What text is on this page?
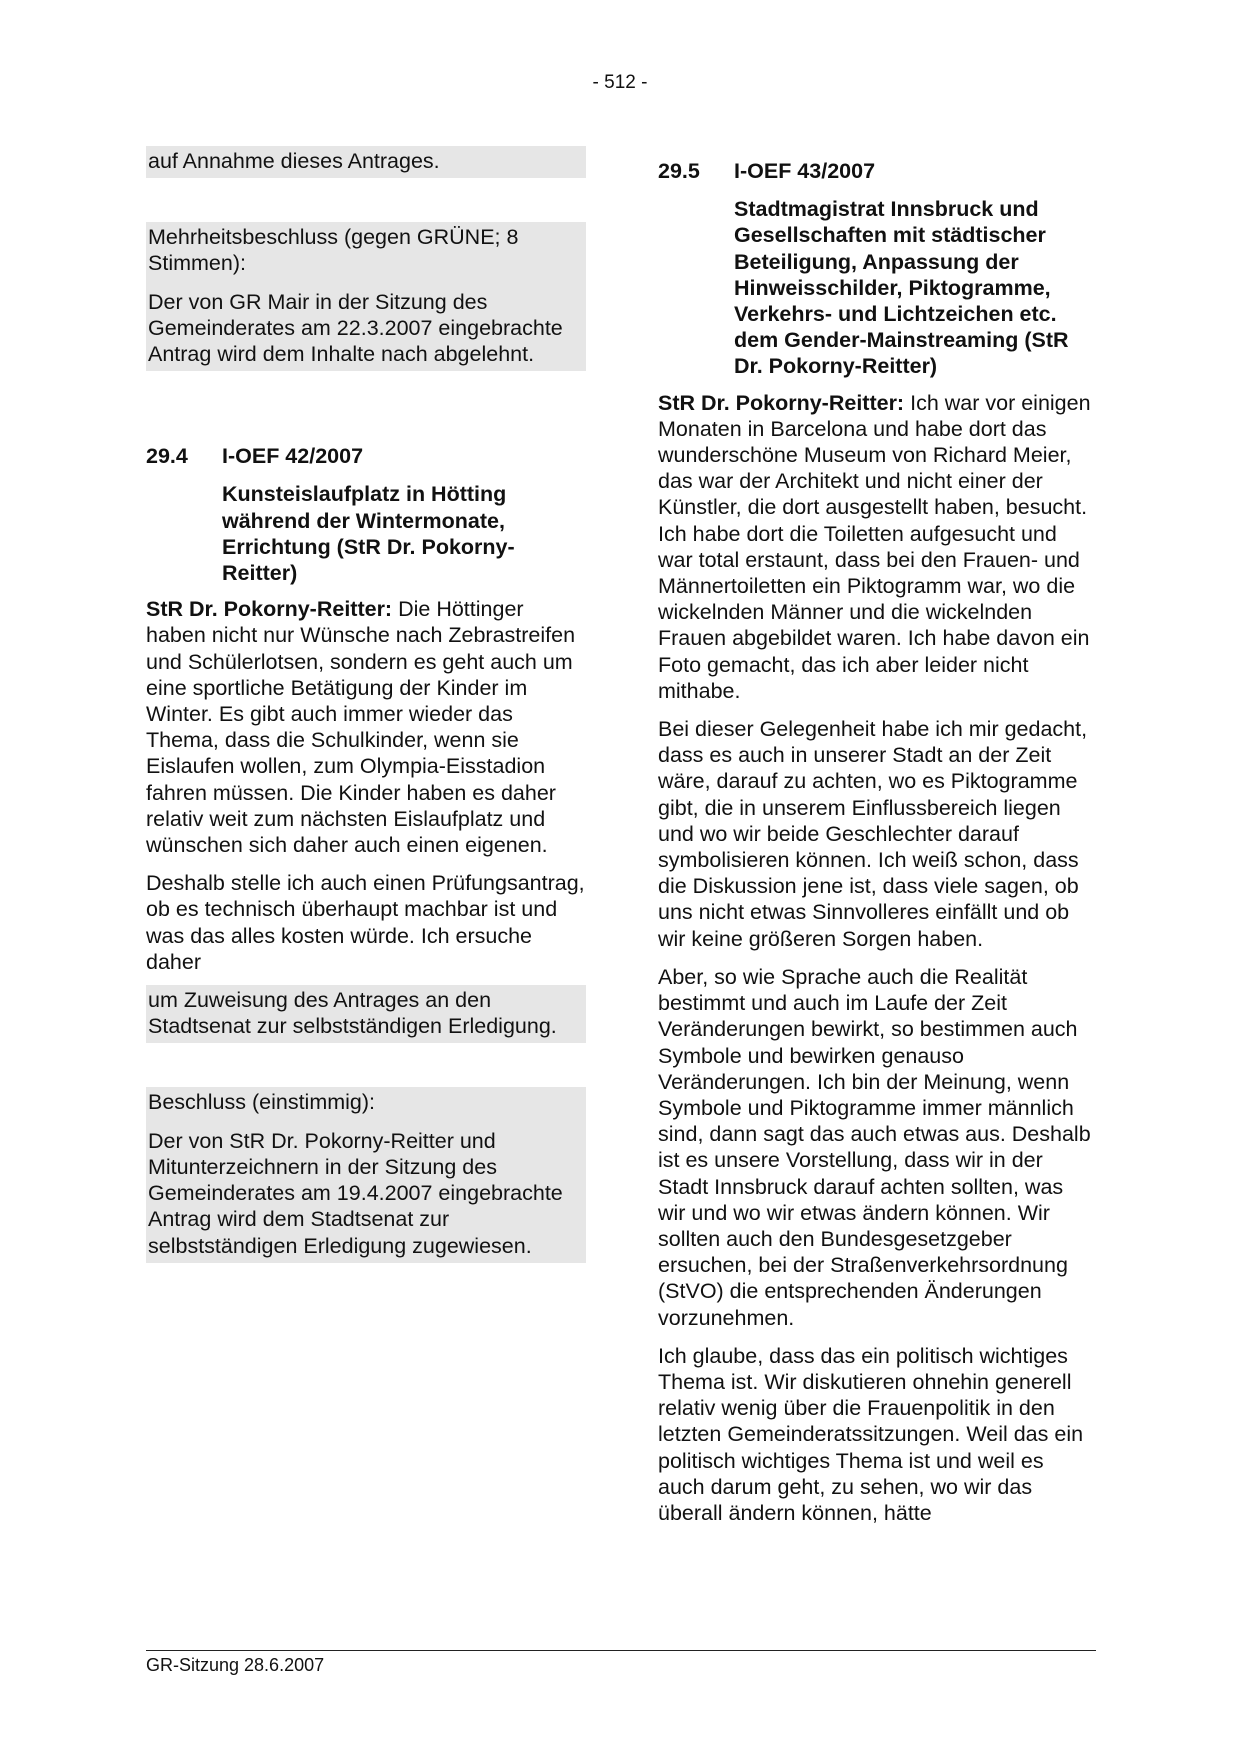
- 512 -

auf Annahme dieses Antrages.

Mehrheitsbeschluss (gegen GRÜNE; 8 Stimmen):

Der von GR Mair in der Sitzung des Gemeinderates am 22.3.2007 eingebrachte Antrag wird dem Inhalte nach abgelehnt.

29.4	I-OEF 42/2007
Kunsteislaufplatz in Hötting während der Wintermonate, Errichtung (StR Dr. Pokorny-Reitter)

StR Dr. Pokorny-Reitter: Die Höttinger haben nicht nur Wünsche nach Zebrastreifen und Schülerlotsen, sondern es geht auch um eine sportliche Betätigung der Kinder im Winter. Es gibt auch immer wieder das Thema, dass die Schulkinder, wenn sie Eislaufen wollen, zum Olympia-Eisstadion fahren müssen. Die Kinder haben es daher relativ weit zum nächsten Eislaufplatz und wünschen sich daher auch einen eigenen.

Deshalb stelle ich auch einen Prüfungsantrag, ob es technisch überhaupt machbar ist und was das alles kosten würde. Ich ersuche daher

um Zuweisung des Antrages an den Stadtsenat zur selbstständigen Erledigung.

Beschluss (einstimmig):

Der von StR Dr. Pokorny-Reitter und Mitunterzeichnern in der Sitzung des Gemeinderates am 19.4.2007 eingebrachte Antrag wird dem Stadtsenat zur selbstständigen Erledigung zugewiesen.

29.5	I-OEF 43/2007
Stadtmagistrat Innsbruck und Gesellschaften mit städtischer Beteiligung, Anpassung der Hinweisschilder, Piktogramme, Verkehrs- und Lichtzeichen etc. dem Gender-Mainstreaming (StR Dr. Pokorny-Reitter)

StR Dr. Pokorny-Reitter: Ich war vor einigen Monaten in Barcelona und habe dort das wunderschöne Museum von Richard Meier, das war der Architekt und nicht einer der Künstler, die dort ausgestellt haben, besucht. Ich habe dort die Toiletten aufgesucht und war total erstaunt, dass bei den Frauen- und Männertoiletten ein Piktogramm war, wo die wickelnden Männer und die wickelnden Frauen abgebildet waren. Ich habe davon ein Foto gemacht, das ich aber leider nicht mithabe.

Bei dieser Gelegenheit habe ich mir gedacht, dass es auch in unserer Stadt an der Zeit wäre, darauf zu achten, wo es Piktogramme gibt, die in unserem Einflussbereich liegen und wo wir beide Geschlechter darauf symbolisieren können. Ich weiß schon, dass die Diskussion jene ist, dass viele sagen, ob uns nicht etwas Sinnvolleres einfällt und ob wir keine größeren Sorgen haben.

Aber, so wie Sprache auch die Realität bestimmt und auch im Laufe der Zeit Veränderungen bewirkt, so bestimmen auch Symbole und bewirken genauso Veränderungen. Ich bin der Meinung, wenn Symbole und Piktogramme immer männlich sind, dann sagt das auch etwas aus. Deshalb ist es unsere Vorstellung, dass wir in der Stadt Innsbruck darauf achten sollten, was wir und wo wir etwas ändern können. Wir sollten auch den Bundesgesetzgeber ersuchen, bei der Straßenverkehrsordnung (StVO) die entsprechenden Änderungen vorzunehmen.

Ich glaube, dass das ein politisch wichtiges Thema ist. Wir diskutieren ohnehin generell relativ wenig über die Frauenpolitik in den letzten Gemeinderatssitzungen. Weil das ein politisch wichtiges Thema ist und weil es auch darum geht, zu sehen, wo wir das überall ändern können, hätte

GR-Sitzung 28.6.2007
